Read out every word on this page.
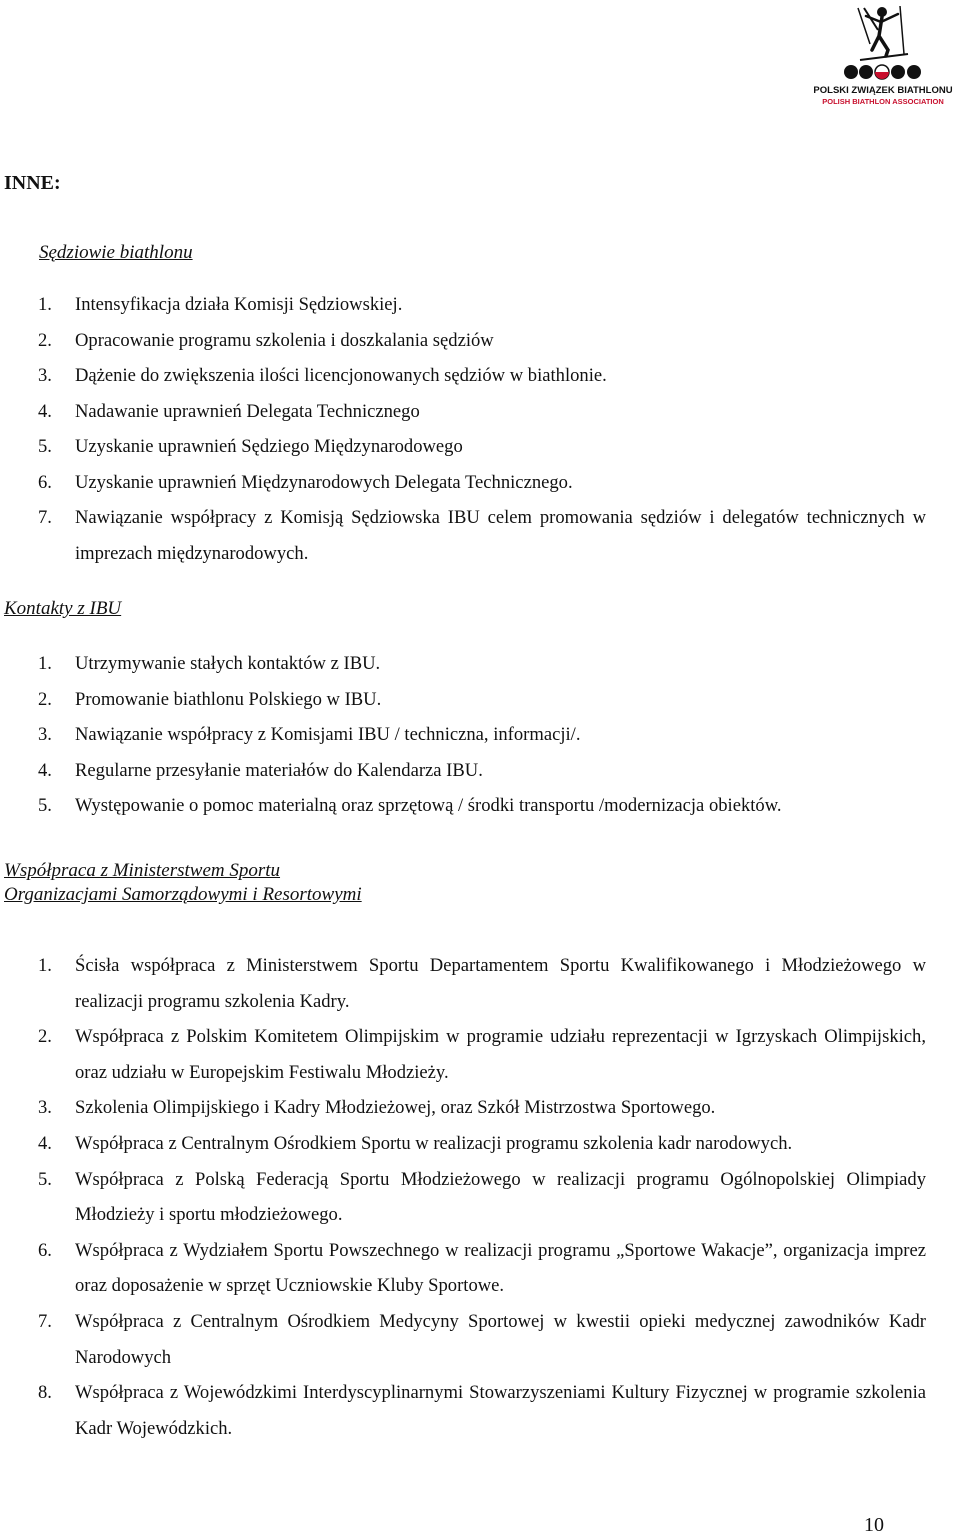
POLSKI ZWIĄZEK BIATHLONU
POLISH BIATHLON ASSOCIATION
INNE:
Sędziowie biathlonu
1. Intensyfikacja działa Komisji Sędziowskiej.
2. Opracowanie programu szkolenia i doszkalania sędziów
3. Dążenie do zwiększenia ilości licencjonowanych sędziów w biathlonie.
4. Nadawanie uprawnień Delegata Technicznego
5. Uzyskanie uprawnień Sędziego Międzynarodowego
6. Uzyskanie uprawnień Międzynarodowych Delegata Technicznego.
7. Nawiązanie współpracy z Komisją Sędziowska IBU celem promowania sędziów i delegatów technicznych w imprezach międzynarodowych.
Kontakty z IBU
1. Utrzymywanie stałych kontaktów z IBU.
2. Promowanie biathlonu Polskiego w IBU.
3. Nawiązanie współpracy z Komisjami IBU / techniczna, informacji/.
4. Regularne przesyłanie materiałów do Kalendarza IBU.
5. Występowanie o pomoc materialną oraz sprzętową / środki transportu /modernizacja obiektów.
Współpraca z Ministerstwem Sportu
Organizacjami Samorządowymi i Resortowymi
1. Ścisła współpraca z Ministerstwem Sportu Departamentem Sportu Kwalifikowanego i Młodzieżowego w realizacji programu szkolenia Kadry.
2. Współpraca z Polskim Komitetem Olimpijskim w programie udziału reprezentacji w Igrzyskach Olimpijskich, oraz udziału w Europejskim Festiwalu Młodzieży.
3. Szkolenia Olimpijskiego i Kadry Młodzieżowej, oraz Szkół Mistrzostwa Sportowego.
4. Współpraca z Centralnym Ośrodkiem Sportu w realizacji programu szkolenia kadr narodowych.
5. Współpraca z Polską Federacją Sportu Młodzieżowego w realizacji programu Ogólnopolskiej Olimpiady Młodzieży i sportu młodzieżowego.
6. Współpraca z Wydziałem Sportu Powszechnego w realizacji programu „Sportowe Wakacje”, organizacja imprez oraz doposażenie w sprzęt Uczniowskie Kluby Sportowe.
7. Współpraca z Centralnym Ośrodkiem Medycyny Sportowej w kwestii opieki medycznej zawodników Kadr Narodowych
8. Współpraca z Wojewódzkimi Interdyscyplinarnymi Stowarzyszeniami Kultury Fizycznej w programie szkolenia Kadr Wojewódzkich.

10
